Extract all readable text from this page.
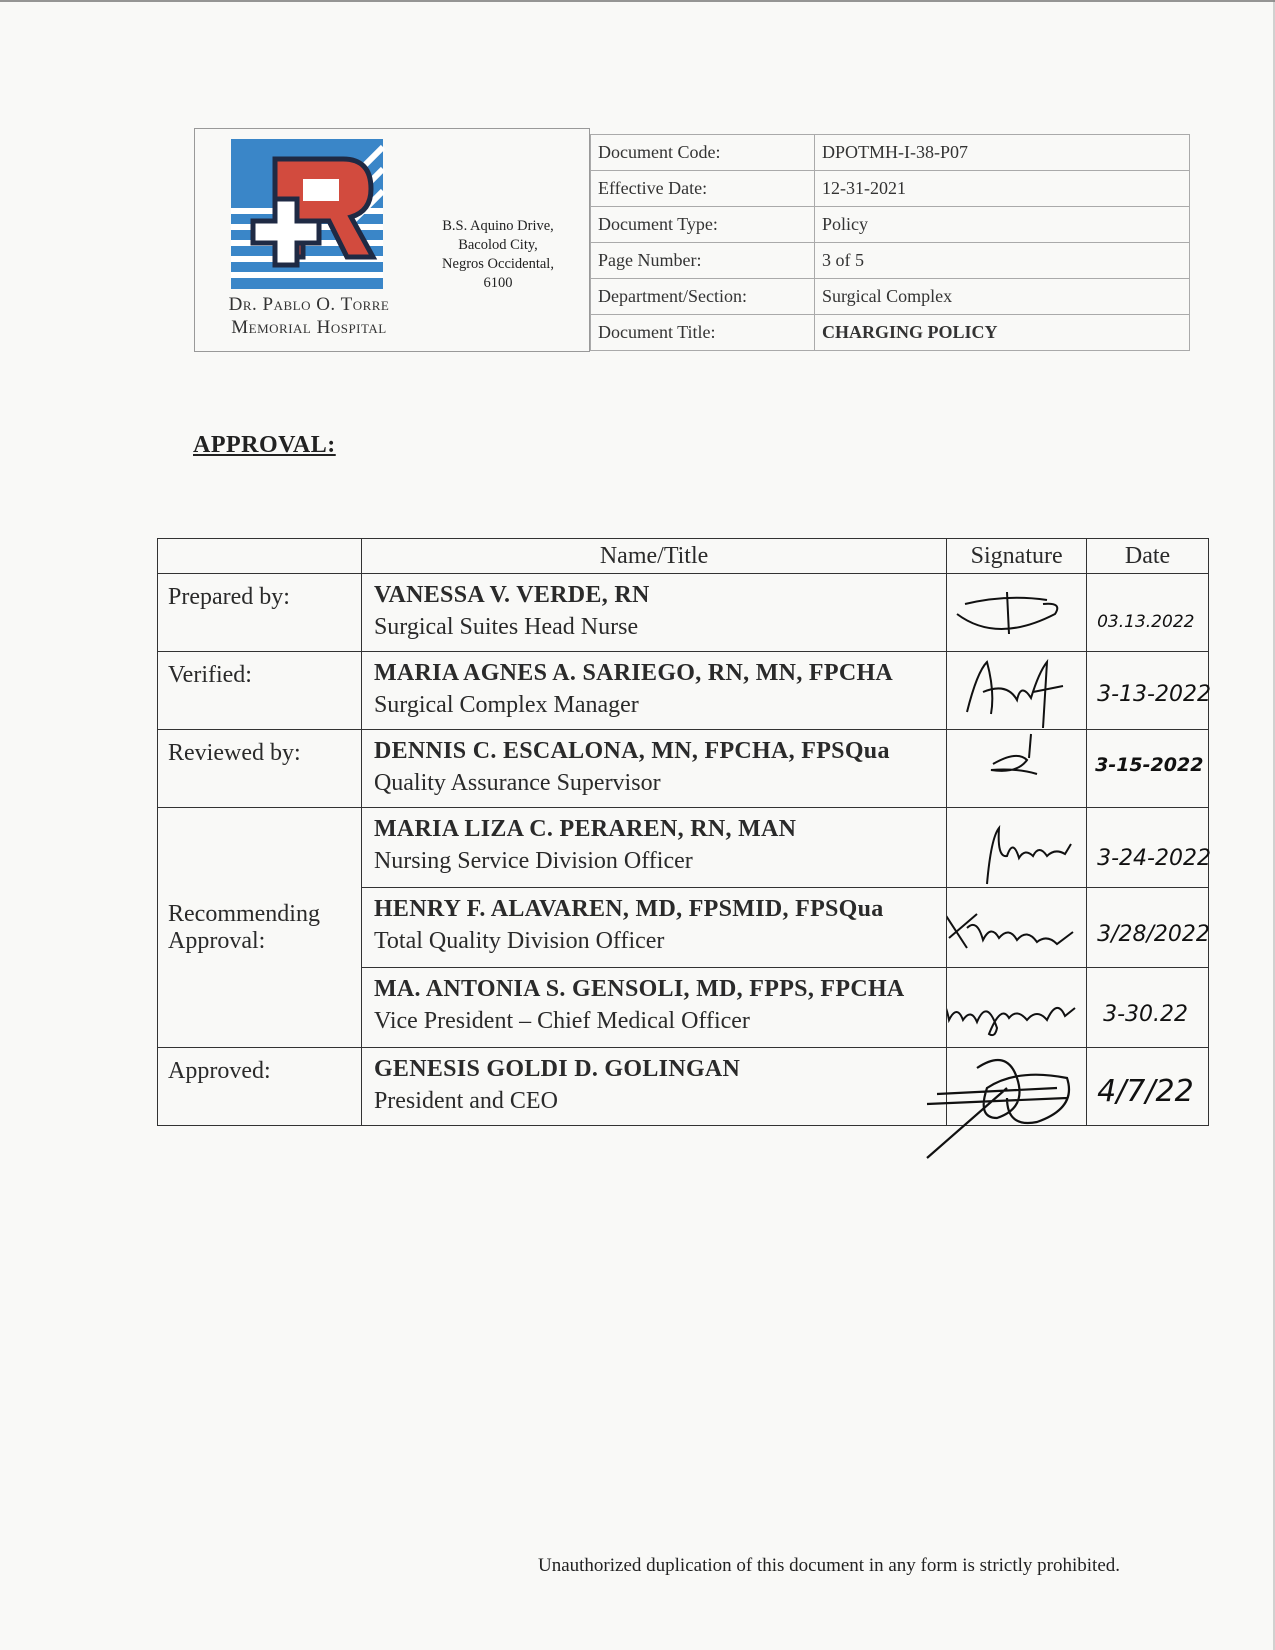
Dr. Pablo O. Torre
Memorial Hospital
B.S. Aquino Drive,
Bacolod City,
Negros Occidental,
6100
Document Code:	DPOTMH-I-38-P07
Effective Date:	12-31-2021
Document Type:	Policy
Page Number:	3 of 5
Department/Section:	Surgical Complex
Document Title:	CHARGING POLICY
APPROVAL:
	Name/Title	Signature	Date
Prepared by:	VANESSA V. VERDE, RN
Surgical Suites Head Nurse		03.13.2022

Verified:	MARIA AGNES A. SARIEGO, RN, MN, FPCHA
Surgical Complex Manager		3-13-2022

Reviewed by:	DENNIS C. ESCALONA, MN, FPCHA, FPSQua
Quality Assurance Supervisor		3-15-2022

Recommending Approval:	MARIA LIZA C. PERAREN, RN, MAN
Nursing Service Division Officer		3-24-2022

	HENRY F. ALAVAREN, MD, FPSMID, FPSQua
Total Quality Division Officer		3/28/2022

	MA. ANTONIA S. GENSOLI, MD, FPPS, FPCHA
Vice President – Chief Medical Officer		3-30.22

Approved:	GENESIS GOLDI D. GOLINGAN
President and CEO		4/7/22
Unauthorized duplication of this document in any form is strictly prohibited.
